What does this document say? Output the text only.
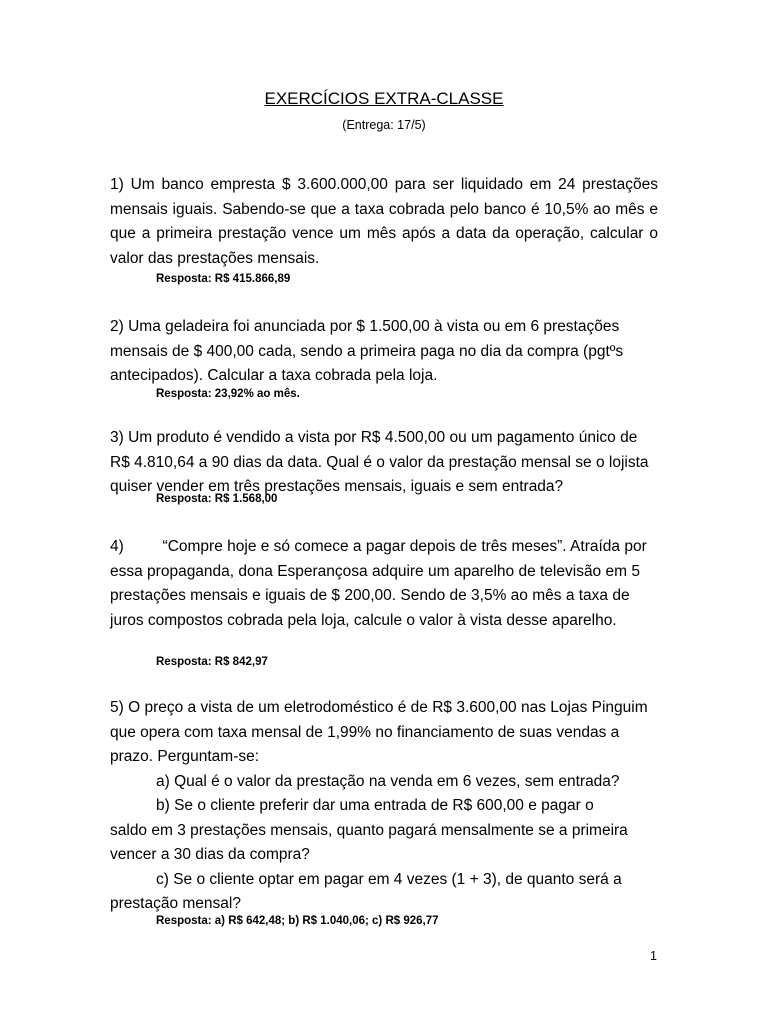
EXERCÍCIOS EXTRA-CLASSE
(Entrega: 17/5)
1) Um banco empresta $ 3.600.000,00 para ser liquidado em 24 prestações mensais iguais. Sabendo-se que a taxa cobrada pelo banco é 10,5% ao mês e que a primeira prestação vence um mês após a data da operação, calcular o valor das prestações mensais.
Resposta: R$ 415.866,89
2) Uma geladeira foi anunciada por $ 1.500,00 à vista ou em 6 prestações mensais de $ 400,00 cada, sendo a primeira paga no dia da compra (pgtºs antecipados). Calcular a taxa cobrada pela loja.
Resposta: 23,92% ao mês.
3) Um produto é vendido a vista por R$ 4.500,00 ou um pagamento único de R$ 4.810,64 a 90 dias da data. Qual é o valor da prestação mensal se o lojista quiser vender em três prestações mensais, iguais e sem entrada?
Resposta: R$ 1.568,00
4)         “Compre hoje e só comece a pagar depois de três meses”. Atraída por essa propaganda, dona Esperançosa adquire um aparelho de televisão em 5 prestações mensais e iguais de $ 200,00. Sendo de 3,5% ao mês a taxa de juros compostos cobrada pela loja, calcule o valor à vista desse aparelho.
Resposta: R$ 842,97
5) O preço a vista de um eletrodoméstico é de R$ 3.600,00 nas Lojas Pinguim que opera com taxa mensal de 1,99% no financiamento de suas vendas a prazo. Perguntam-se:
a) Qual é o valor da prestação na venda em 6 vezes, sem entrada?
b) Se o cliente preferir dar uma entrada de R$ 600,00 e pagar o
saldo em 3 prestações mensais, quanto pagará mensalmente se a primeira vencer a 30 dias da compra?
c) Se o cliente optar em pagar em 4 vezes (1 + 3), de quanto será a
prestação mensal?
Resposta: a) R$ 642,48; b) R$ 1.040,06; c) R$ 926,77
1
